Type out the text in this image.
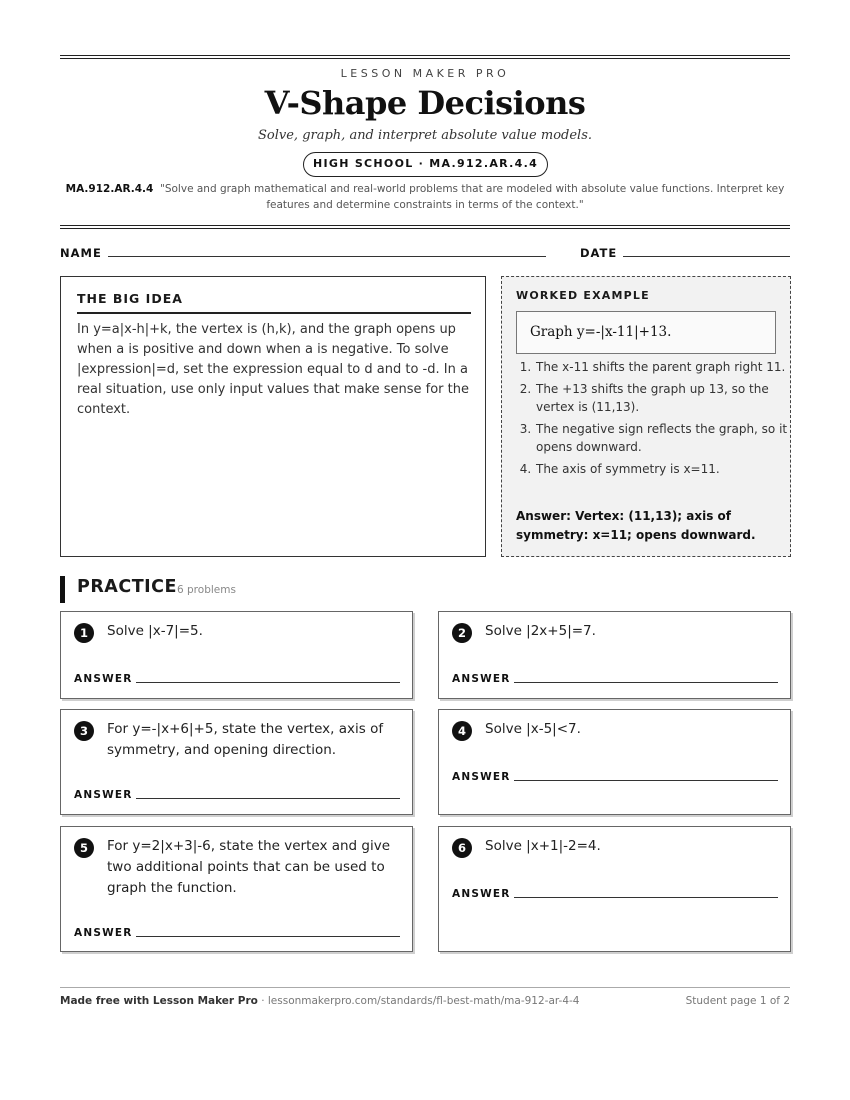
LESSON MAKER PRO
V-Shape Decisions
Solve, graph, and interpret absolute value models.
HIGH SCHOOL · MA.912.AR.4.4
MA.912.AR.4.4 "Solve and graph mathematical and real-world problems that are modeled with absolute value functions. Interpret key features and determine constraints in terms of the context."
NAME	DATE
THE BIG IDEA
In y=a|x-h|+k, the vertex is (h,k), and the graph opens up when a is positive and down when a is negative. To solve |expression|=d, set the expression equal to d and to -d. In a real situation, use only input values that make sense for the context.
WORKED EXAMPLE
Graph y=-|x-11|+13.
1. The x-11 shifts the parent graph right 11.
2. The +13 shifts the graph up 13, so the vertex is (11,13).
3. The negative sign reflects the graph, so it opens downward.
4. The axis of symmetry is x=11.
Answer: Vertex: (11,13); axis of symmetry: x=11; opens downward.
PRACTICE 6 problems
1	Solve |x-7|=5.
ANSWER
2	Solve |2x+5|=7.
ANSWER
3	For y=-|x+6|+5, state the vertex, axis of symmetry, and opening direction.
ANSWER
4	Solve |x-5|<7.
ANSWER
5	For y=2|x+3|-6, state the vertex and give two additional points that can be used to graph the function.
ANSWER
6	Solve |x+1|-2=4.
ANSWER
Made free with Lesson Maker Pro · lessonmakerpro.com/standards/fl-best-math/ma-912-ar-4-4	Student page 1 of 2
